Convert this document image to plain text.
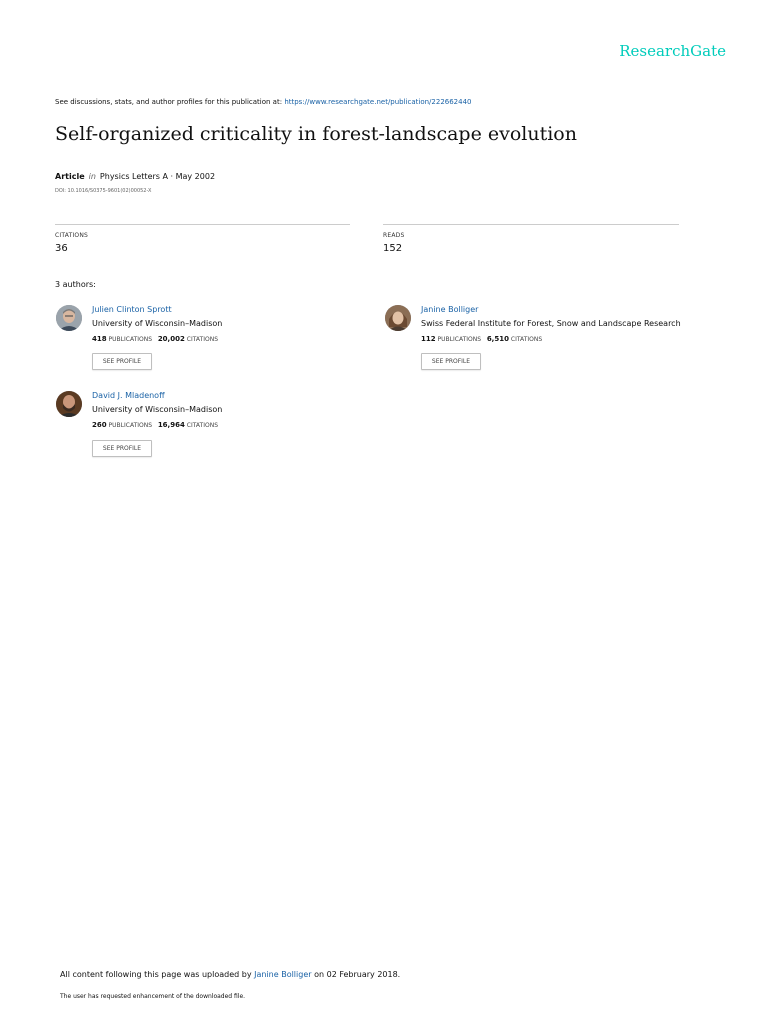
ResearchGate
See discussions, stats, and author profiles for this publication at: https://www.researchgate.net/publication/222662440
Self-organized criticality in forest-landscape evolution
Article in Physics Letters A · May 2002
DOI: 10.1016/S0375-9601(02)00052-X
CITATIONS
36
READS
152
3 authors:
Julien Clinton Sprott
University of Wisconsin–Madison
418 PUBLICATIONS 20,002 CITATIONS
SEE PROFILE
Janine Bolliger
Swiss Federal Institute for Forest, Snow and Landscape Research
112 PUBLICATIONS 6,510 CITATIONS
SEE PROFILE
David J. Mladenoff
University of Wisconsin–Madison
260 PUBLICATIONS 16,964 CITATIONS
SEE PROFILE
All content following this page was uploaded by Janine Bolliger on 02 February 2018.
The user has requested enhancement of the downloaded file.
